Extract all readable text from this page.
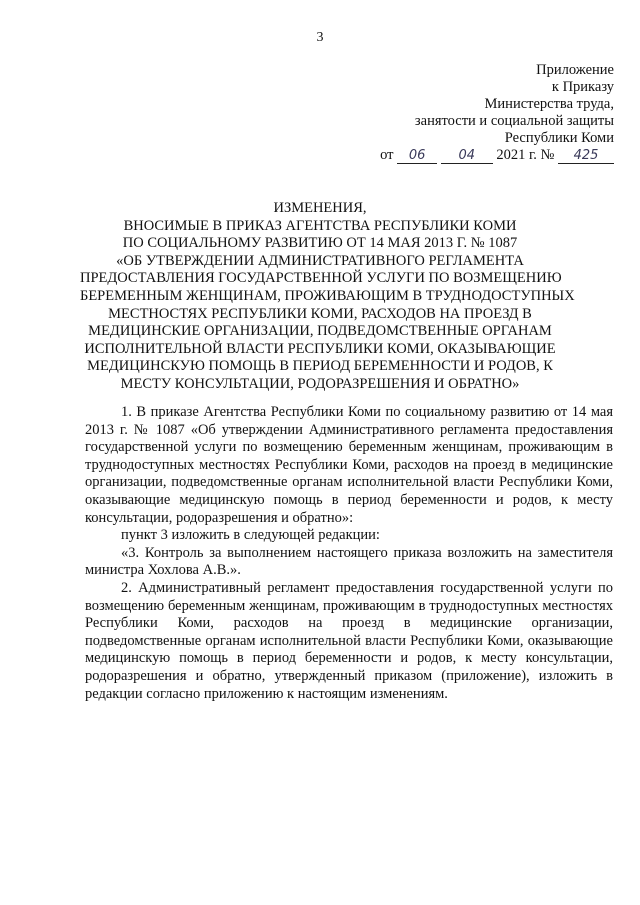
3
Приложение
к Приказу
Министерства труда,
занятости и социальной защиты
Республики Коми
от 06	04 2021 г. № 425
ИЗМЕНЕНИЯ,
ВНОСИМЫЕ В ПРИКАЗ АГЕНТСТВА РЕСПУБЛИКИ КОМИ
ПО СОЦИАЛЬНОМУ РАЗВИТИЮ ОТ 14 МАЯ 2013 Г. № 1087
«ОБ УТВЕРЖДЕНИИ АДМИНИСТРАТИВНОГО РЕГЛАМЕНТА
ПРЕДОСТАВЛЕНИЯ ГОСУДАРСТВЕННОЙ УСЛУГИ ПО ВОЗМЕЩЕНИЮ
БЕРЕМЕННЫМ ЖЕНЩИНАМ, ПРОЖИВАЮЩИМ В ТРУДНОДОСТУПНЫХ
МЕСТНОСТЯХ РЕСПУБЛИКИ КОМИ, РАСХОДОВ НА ПРОЕЗД В
МЕДИЦИНСКИЕ ОРГАНИЗАЦИИ, ПОДВЕДОМСТВЕННЫЕ ОРГАНАМ
ИСПОЛНИТЕЛЬНОЙ ВЛАСТИ РЕСПУБЛИКИ КОМИ, ОКАЗЫВАЮЩИЕ
МЕДИЦИНСКУЮ ПОМОЩЬ В ПЕРИОД БЕРЕМЕННОСТИ И РОДОВ, К
МЕСТУ КОНСУЛЬТАЦИИ, РОДОРАЗРЕШЕНИЯ И ОБРАТНО»

1. В приказе Агентства Республики Коми по социальному развитию от 14 мая 2013 г. № 1087 «Об утверждении Административного регламента предоставления государственной услуги по возмещению беременным женщинам, проживающим в труднодоступных местностях Республики Коми, расходов на проезд в медицинские организации, подведомственные органам исполнительной власти Республики Коми, оказывающие медицинскую помощь в период беременности и родов, к месту консультации, родоразрешения и обратно»:

пункт 3 изложить в следующей редакции:

«3. Контроль за выполнением настоящего приказа возложить на заместителя министра Хохлова А.В.».

2. Административный регламент предоставления государственной услуги по возмещению беременным женщинам, проживающим в труднодоступных местностях Республики Коми, расходов на проезд в медицинские организации, подведомственные органам исполнительной власти Республики Коми, оказывающие медицинскую помощь в период беременности и родов, к месту консультации, родоразрешения и обратно, утвержденный приказом (приложение), изложить в редакции согласно приложению к настоящим изменениям.
